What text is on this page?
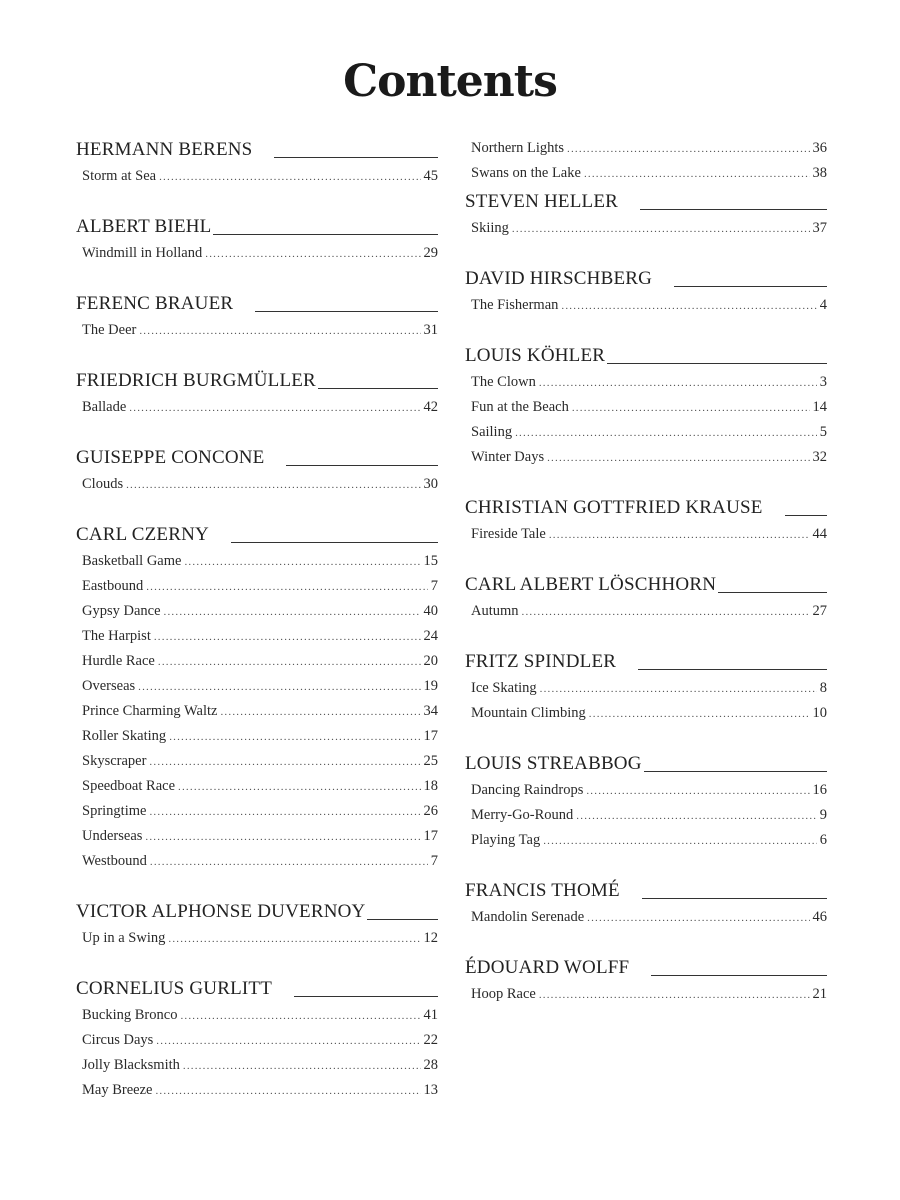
Contents
HERMANN BERENS
Storm at Sea .....	45
ALBERT BIEHL
Windmill in Holland .....	29
FERENC BRAUER
The Deer .....	31
FRIEDRICH BURGMÜLLER
Ballade .....	42
GUISEPPE CONCONE
Clouds .....	30
CARL CZERNY
Basketball Game .....	15
Eastbound .....	7
Gypsy Dance .....	40
The Harpist .....	24
Hurdle Race .....	20
Overseas .....	19
Prince Charming Waltz .....	34
Roller Skating .....	17
Skyscraper .....	25
Speedboat Race .....	18
Springtime .....	26
Underseas .....	17
Westbound .....	7
VICTOR ALPHONSE DUVERNOY
Up in a Swing .....	12
CORNELIUS GURLITT
Bucking Bronco .....	41
Circus Days .....	22
Jolly Blacksmith .....	28
May Breeze .....	13
Northern Lights .....	36
Swans on the Lake .....	38
STEVEN HELLER
Skiing .....	37
DAVID HIRSCHBERG
The Fisherman .....	4
LOUIS KÖHLER
The Clown .....	3
Fun at the Beach .....	14
Sailing .....	5
Winter Days .....	32
CHRISTIAN GOTTFRIED KRAUSE
Fireside Tale .....	44
CARL ALBERT LÖSCHHORN
Autumn .....	27
FRITZ SPINDLER
Ice Skating .....	8
Mountain Climbing .....	10
LOUIS STREABBOG
Dancing Raindrops .....	16
Merry-Go-Round .....	9
Playing Tag .....	6
FRANCIS THOMÉ
Mandolin Serenade .....	46
ÉDOUARD WOLFF
Hoop Race .....	21
